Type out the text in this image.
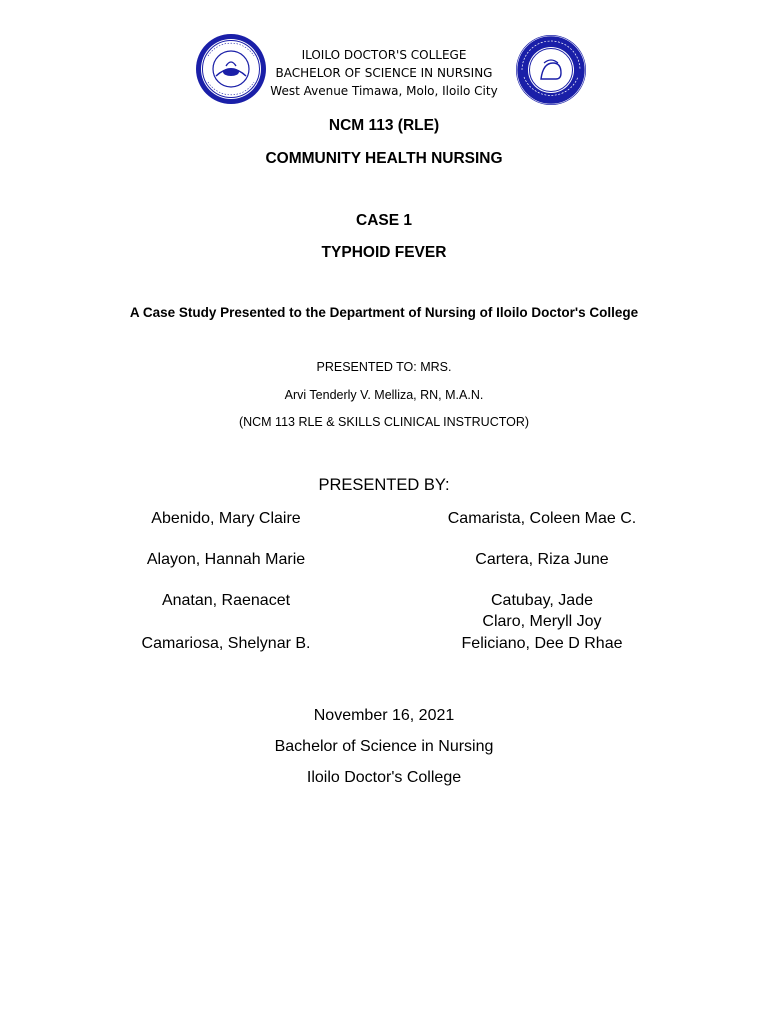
ILOILO DOCTOR'S COLLEGE
BACHELOR OF SCIENCE IN NURSING
West Avenue Timawa, Molo, Iloilo City
NCM 113 (RLE)
COMMUNITY HEALTH NURSING
CASE 1
TYPHOID FEVER
A Case Study Presented to the Department of Nursing of Iloilo Doctor's College
PRESENTED TO: MRS.
Arvi Tenderly V. Melliza, RN, M.A.N.
(NCM 113 RLE & SKILLS CLINICAL INSTRUCTOR)
PRESENTED BY:
Abenido, Mary Claire
Alayon, Hannah Marie
Anatan, Raenacet
Camariosa, Shelynar B.
Camarista, Coleen Mae C.
Cartera, Riza June
Catubay, Jade
Claro, Meryll Joy
Feliciano, Dee D Rhae
November 16, 2021
Bachelor of Science in Nursing
Iloilo Doctor's College
